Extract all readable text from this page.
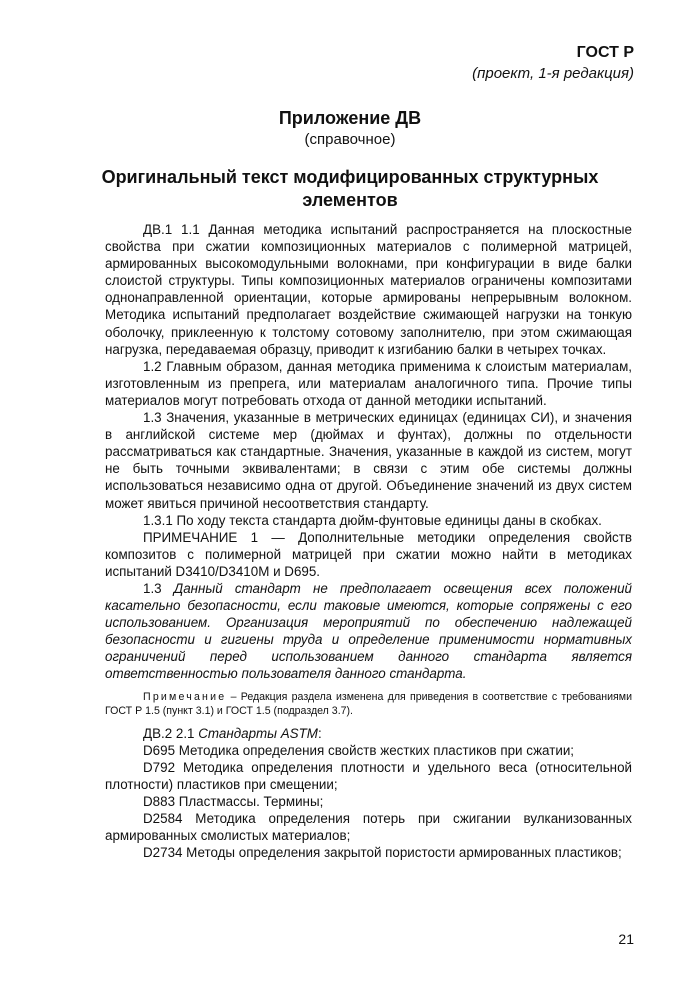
ГОСТ Р
(проект, 1-я редакция)
Приложение ДВ
(справочное)
Оригинальный текст модифицированных структурных
элементов

ДВ.1 1.1 Данная методика испытаний распространяется на плоскостные свойства при сжатии композиционных материалов с полимерной матрицей, армированных высокомодульными волокнами, при конфигурации в виде балки слоистой структуры. Типы композиционных материалов ограничены композитами однонаправленной ориентации, которые армированы непрерывным волокном. Методика испытаний предполагает воздействие сжимающей нагрузки на тонкую оболочку, приклеенную к толстому сотовому заполнителю, при этом сжимающая нагрузка, передаваемая образцу, приводит к изгибанию балки в четырех точках.

1.2 Главным образом, данная методика применима к слоистым материалам, изготовленным из препрега, или материалам аналогичного типа. Прочие типы материалов могут потребовать отхода от данной методики испытаний.

1.3 Значения, указанные в метрических единицах (единицах СИ), и значения в английской системе мер (дюймах и фунтах), должны по отдельности рассматриваться как стандартные. Значения, указанные в каждой из систем, могут не быть точными эквивалентами; в связи с этим обе системы должны использоваться независимо одна от другой. Объединение значений из двух систем может явиться причиной несоответствия стандарту.

1.3.1 По ходу текста стандарта дюйм-фунтовые единицы даны в скобках.

ПРИМЕЧАНИЕ 1 — Дополнительные методики определения свойств композитов с полимерной матрицей при сжатии можно найти в методиках испытаний D3410/D3410M и D695.

1.3 Данный стандарт не предполагает освещения всех положений касательно безопасности, если таковые имеются, которые сопряжены с его использованием. Организация мероприятий по обеспечению надлежащей безопасности и гигиены труда и определение применимости нормативных ограничений перед использованием данного стандарта является ответственностью пользователя данного стандарта.

Примечание – Редакция раздела изменена для приведения в соответствие с требованиями ГОСТ Р 1.5 (пункт 3.1) и ГОСТ 1.5 (подраздел 3.7).

ДВ.2 2.1 Стандарты ASTM:

D695 Методика определения свойств жестких пластиков при сжатии;

D792 Методика определения плотности и удельного веса (относительной плотности) пластиков при смещении;

D883 Пластмассы. Термины;

D2584 Методика определения потерь при сжигании вулканизованных армированных смолистых материалов;

D2734 Методы определения закрытой пористости армированных пластиков;

21
